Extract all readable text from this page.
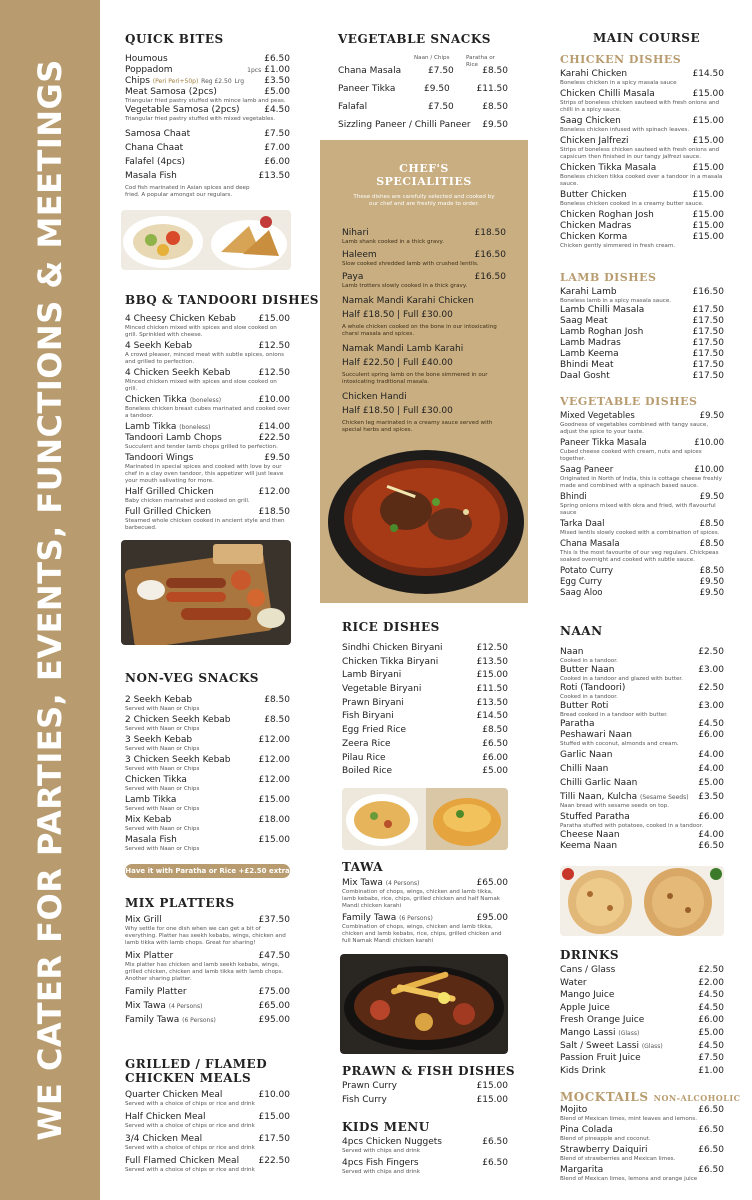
WE CATER FOR PARTIES, EVENTS, FUNCTIONS & MEETINGS
QUICK BITES
Houmous	£6.50
Poppadom	1pcs £1.00
Chips (Peri Peri+50p) Reg £2.50 Lrg	£3.50
Meat Samosa (2pcs)	£5.00
Triangular fried pastry stuffed with mince lamb and peas.
Vegetable Samosa (2pcs)	£4.50
Triangular fried pastry stuffed with mixed vegetables.
Samosa Chaat	£7.50
Chana Chaat	£7.00
Falafel (4pcs)	£6.00
Masala Fish	£13.50
Cod fish marinated in Asian spices and deep fried. A popular amongst our regulars.
BBQ & TANDOORI DISHES
4 Cheesy Chicken Kebab	£15.00
Minced chicken mixed with spices and slow cooked on grill. Sprinkled with cheese.
4 Seekh Kebab	£12.50
A crowd pleaser, minced meat with subtle spices, onions and grilled to perfection.
4 Chicken Seekh Kebab	£12.50
Minced chicken mixed with spices and slow cooked on grill.
Chicken Tikka (boneless)	£10.00
Boneless chicken breast cubes marinated and cooked over a tandoor.
Lamb Tikka (boneless)	£14.00
Tandoori Lamb Chops	£22.50
Succulent and tender lamb chops grilled to perfection.
Tandoori Wings	£9.50
Marinated in special spices and cooked with love by our chef in a clay oven tandoor, this appetizer will just leave your mouth salivating for more.
Half Grilled Chicken	£12.00
Baby chicken marinated and cooked on grill.
Full Grilled Chicken	£18.50
Steamed whole chicken cooked in ancient style and then barbecued.
NON-VEG SNACKS
2 Seekh Kebab	£8.50
Served with Naan or Chips
2 Chicken Seekh Kebab	£8.50
Served with Naan or Chips
3 Seekh Kebab	£12.00
Served with Naan or Chips
3 Chicken Seekh Kebab	£12.00
Served with Naan or Chips
Chicken Tikka	£12.00
Served with Naan or Chips
Lamb Tikka	£15.00
Served with Naan or Chips
Mix Kebab	£18.00
Served with Naan or Chips
Masala Fish	£15.00
Served with Naan or Chips
Have it with Paratha or Rice +£2.50 extra
MIX PLATTERS
Mix Grill	£37.50
Why settle for one dish when we can get a bit of everything. Platter has seekh kebabs, wings, chicken and lamb tikka with lamb chops. Great for sharing!
Mix Platter	£47.50
Mix platter has chicken and lamb seekh kebabs, wings, grilled chicken, chicken and lamb tikka with lamb chops. Another sharing platter.
Family Platter	£75.00
Mix Tawa (4 Persons)	£65.00
Family Tawa (6 Persons)	£95.00
GRILLED / FLAMED
CHICKEN MEALS
Quarter Chicken Meal	£10.00
Served with a choice of chips or rice and drink
Half Chicken Meal	£15.00
Served with a choice of chips or rice and drink
3/4 Chicken Meal	£17.50
Served with a choice of chips or rice and drink
Full Flamed Chicken Meal	£22.50
Served with a choice of chips or rice and drink
VEGETABLE SNACKS
Naan / Chips	Paratha or Rice
Chana Masala	£7.50	£8.50
Paneer Tikka	£9.50	£11.50
Falafal	£7.50	£8.50
Sizzling Paneer / Chilli Paneer	£9.50
CHEF'S
SPECIALITIES
These dishes are carefully selected and cooked by our chef and are freshly made to order.
Nihari	£18.50
Lamb shank cooked in a thick gravy.
Haleem	£16.50
Slow cooked shredded lamb with crushed lentils.
Paya	£16.50
Lamb trotters slowly cooked in a thick gravy.
Namak Mandi Karahi Chicken
Half £18.50 | Full £30.00
A whole chicken cooked on the bone in our intoxicating charsi masala and spices.
Namak Mandi Lamb Karahi
Half £22.50 | Full £40.00
Succulent spring lamb on the bone simmered in our intoxicating traditional masala.
Chicken Handi
Half £18.50 | Full £30.00
Chicken leg marinated in a creamy sauce served with special herbs and spices.
RICE DISHES
Sindhi Chicken Biryani	£12.50
Chicken Tikka Biryani	£13.50
Lamb Biryani	£15.00
Vegetable Biryani	£11.50
Prawn Biryani	£13.50
Fish Biryani	£14.50
Egg Fried Rice	£8.50
Zeera Rice	£6.50
Pilau Rice	£6.00
Boiled Rice	£5.00
TAWA
Mix Tawa (4 Persons)	£65.00
Combination of chops, wings, chicken and lamb tikka, lamb kebabs, rice, chips, grilled chicken and half Namak Mandi chicken karahi
Family Tawa (6 Persons)	£95.00
Combination of chops, wings, chicken and lamb tikka, chicken and lamb kebabs, rice, chips, grilled chicken and full Namak Mandi chicken karahi
PRAWN & FISH DISHES
Prawn Curry	£15.00
Fish Curry	£15.00
KIDS MENU
4pcs Chicken Nuggets	£6.50
Served with chips and drink
4pcs Fish Fingers	£6.50
Served with chips and drink
MAIN COURSE
CHICKEN DISHES
Karahi Chicken	£14.50
Boneless chicken in a spicy masala sauce
Chicken Chilli Masala	£15.00
Strips of boneless chicken sauteed with fresh onions and chilli in a spicy sauce.
Saag Chicken	£15.00
Boneless chicken infused with spinach leaves.
Chicken Jalfrezi	£15.00
Strips of boneless chicken sauteed with fresh onions and capsicum then finished in our tangy jalfrezi sauce.
Chicken Tikka Masala	£15.00
Boneless chicken tikka cooked over a tandoor in a masala sauce.
Butter Chicken	£15.00
Boneless chicken cooked in a creamy butter sauce.
Chicken Roghan Josh	£15.00
Chicken Madras	£15.00
Chicken Korma	£15.00
Chicken gently simmered in fresh cream.
LAMB DISHES
Karahi Lamb	£16.50
Boneless lamb in a spicy masala sauce.
Lamb Chilli Masala	£17.50
Saag Meat	£17.50
Lamb Roghan Josh	£17.50
Lamb Madras	£17.50
Lamb Keema	£17.50
Bhindi Meat	£17.50
Daal Gosht	£17.50
VEGETABLE DISHES
Mixed Vegetables	£9.50
Goodness of vegetables combined with tangy sauce, adjust the spice to your taste.
Paneer Tikka Masala	£10.00
Cubed cheese cooked with cream, nuts and spices together.
Saag Paneer	£10.00
Originated in North of India, this is cottage cheese freshly made and combined with a spinach based sauce.
Bhindi	£9.50
Spring onions mixed with okra and fried, with flavourful sauce
Tarka Daal	£8.50
Mixed lentils slowly cooked with a combination of spices.
Chana Masala	£8.50
This is the most favourite of our veg regulars. Chickpeas soaked overnight and cooked with subtle sauce.
Potato Curry	£8.50
Egg Curry	£9.50
Saag Aloo	£9.50
NAAN
Naan	£2.50
Cooked in a tandoor.
Butter Naan	£3.00
Cooked in a tandoor and glazed with butter.
Roti (Tandoori)	£2.50
Cooked in a tandoor.
Butter Roti	£3.00
Bread cooked in a tandoor with butter.
Paratha	£4.50
Peshawari Naan	£6.00
Stuffed with coconut, almonds and cream.
Garlic Naan	£4.00
Chilli Naan	£4.00
Chilli Garlic Naan	£5.00
Tilli Naan, Kulcha (Sesame Seeds)	£3.50
Naan bread with sesame seeds on top.
Stuffed Paratha	£6.00
Paratha stuffed with potatoes, cooked in a tandoor.
Cheese Naan	£4.00
Keema Naan	£6.50
DRINKS
Cans / Glass	£2.50
Water	£2.00
Mango Juice	£4.50
Apple Juice	£4.50
Fresh Orange Juice	£6.00
Mango Lassi (Glass)	£5.00
Salt / Sweet Lassi (Glass)	£4.50
Passion Fruit Juice	£7.50
Kids Drink	£1.00
MOCKTAILS NON-ALCOHOLIC
Mojito	£6.50
Blend of Mexican limes, mint leaves and lemons.
Pina Colada	£6.50
Blend of pineapple and coconut.
Strawberry Daiquiri	£6.50
Blend of strawberries and Mexican limes.
Margarita	£6.50
Blend of Mexican limes, lemons and orange juice
